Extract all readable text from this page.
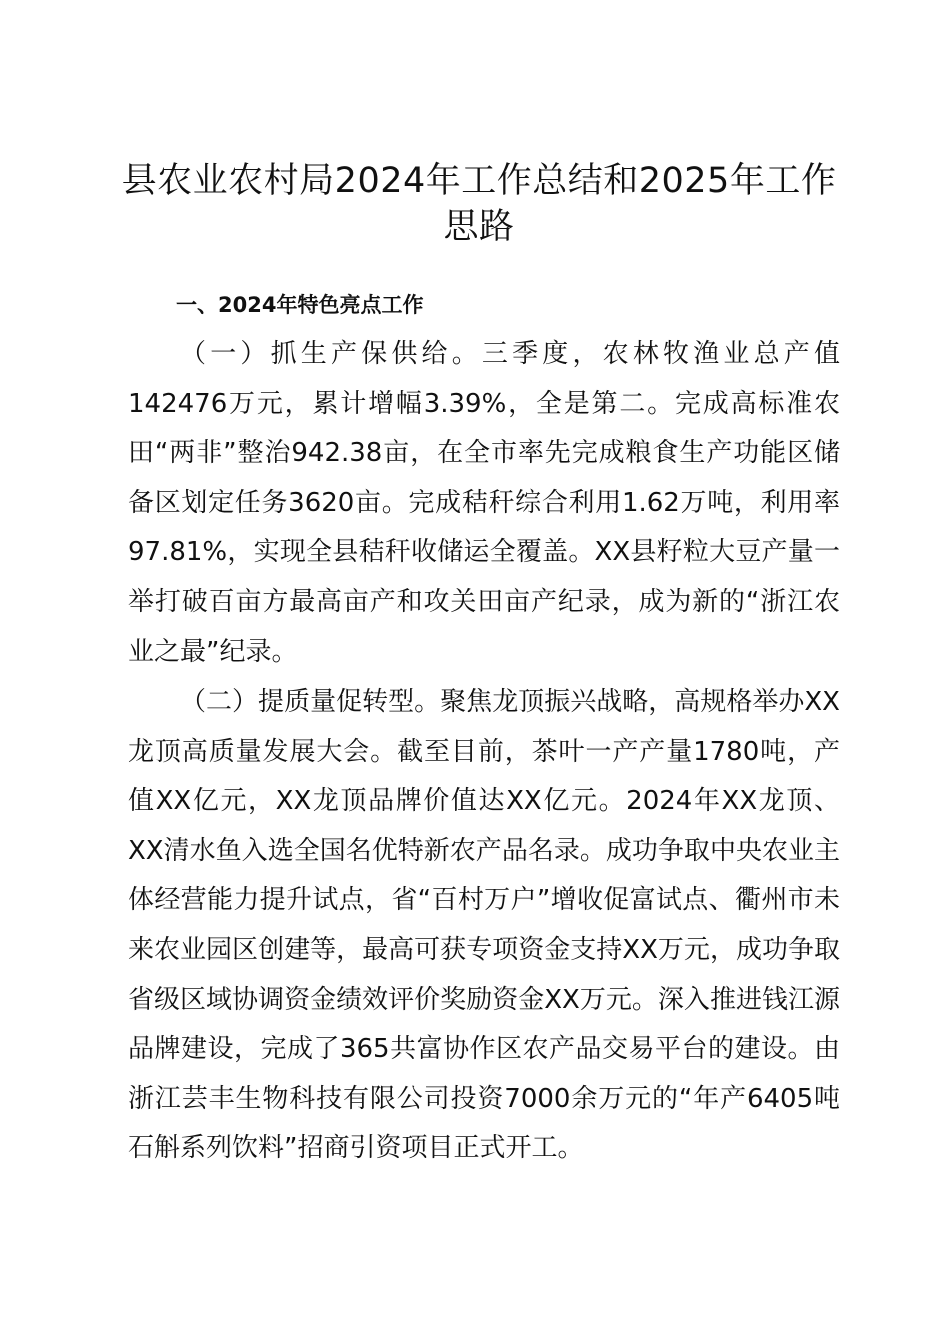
县农业农村局2024年工作总结和2025年工作思路
一、2024年特色亮点工作

（一）抓生产保供给。三季度，农林牧渔业总产值142476万元，累计增幅3.39%，全是第二。完成高标准农田“两非”整治942.38亩，在全市率先完成粮食生产功能区储备区划定任务3620亩。完成秸秆综合利用1.62万吨，利用率97.81%，实现全县秸秆收储运全覆盖。XX县籽粒大豆产量一举打破百亩方最高亩产和攻关田亩产纪录，成为新的“浙江农业之最”纪录。

（二）提质量促转型。聚焦龙顶振兴战略，高规格举办XX龙顶高质量发展大会。截至目前，茶叶一产产量1780吨，产值XX亿元，XX龙顶品牌价值达XX亿元。2024年XX龙顶、XX清水鱼入选全国名优特新农产品名录。成功争取中央农业主体经营能力提升试点，省“百村万户”增收促富试点、衢州市未来农业园区创建等，最高可获专项资金支持XX万元，成功争取省级区域协调资金绩效评价奖励资金XX万元。深入推进钱江源品牌建设，完成了365共富协作区农产品交易平台的建设。由浙江芸丰生物科技有限公司投资7000余万元的“年产6405吨石斛系列饮料”招商引资项目正式开工。
